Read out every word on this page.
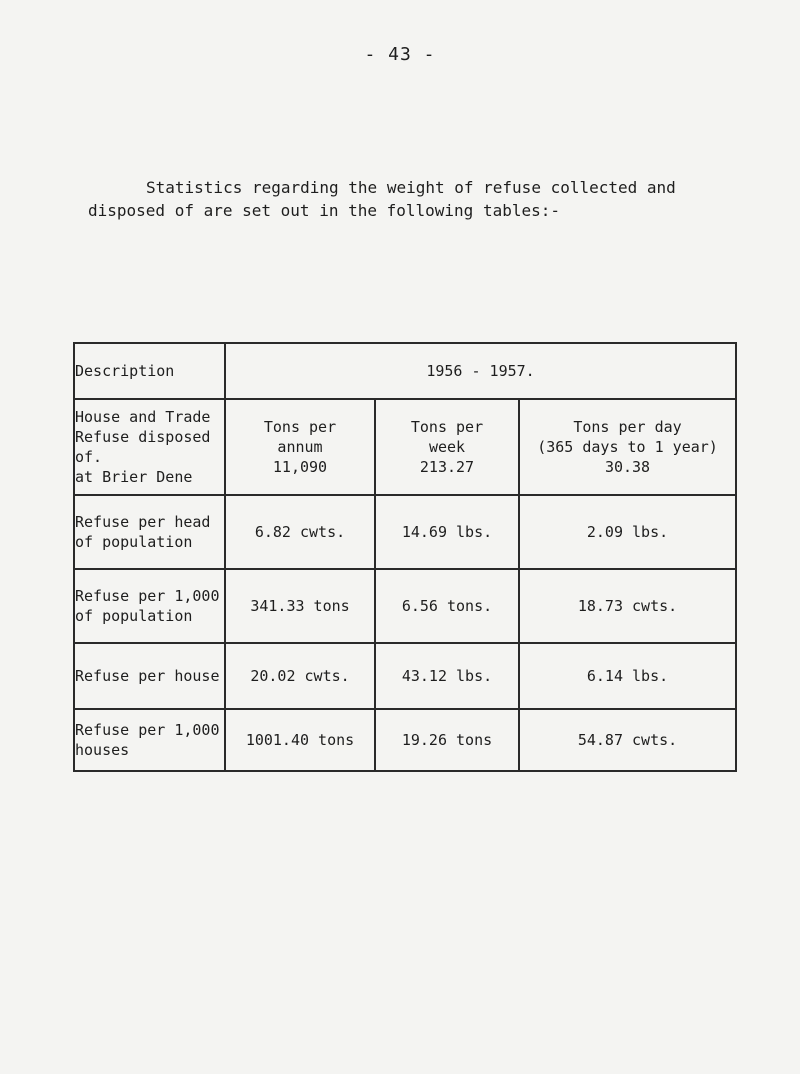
- 43 -

Statistics regarding the weight of refuse collected and
disposed of are set out in the following tables:-

Description	1956 - 1957.		

House and Trade
Refuse disposed
of.
at Brier Dene	Tons per
annum
11,090	Tons per
week
213.27	Tons per day
(365 days to 1 year)
30.38

Refuse per head
of population	6.82 cwts.	14.69 lbs.	2.09 lbs.

Refuse per 1,000
of population	341.33 tons	6.56 tons.	18.73 cwts.

Refuse per house	20.02 cwts.	43.12 lbs.	6.14 lbs.

Refuse per 1,000
houses	1001.40 tons	19.26 tons	54.87 cwts.
